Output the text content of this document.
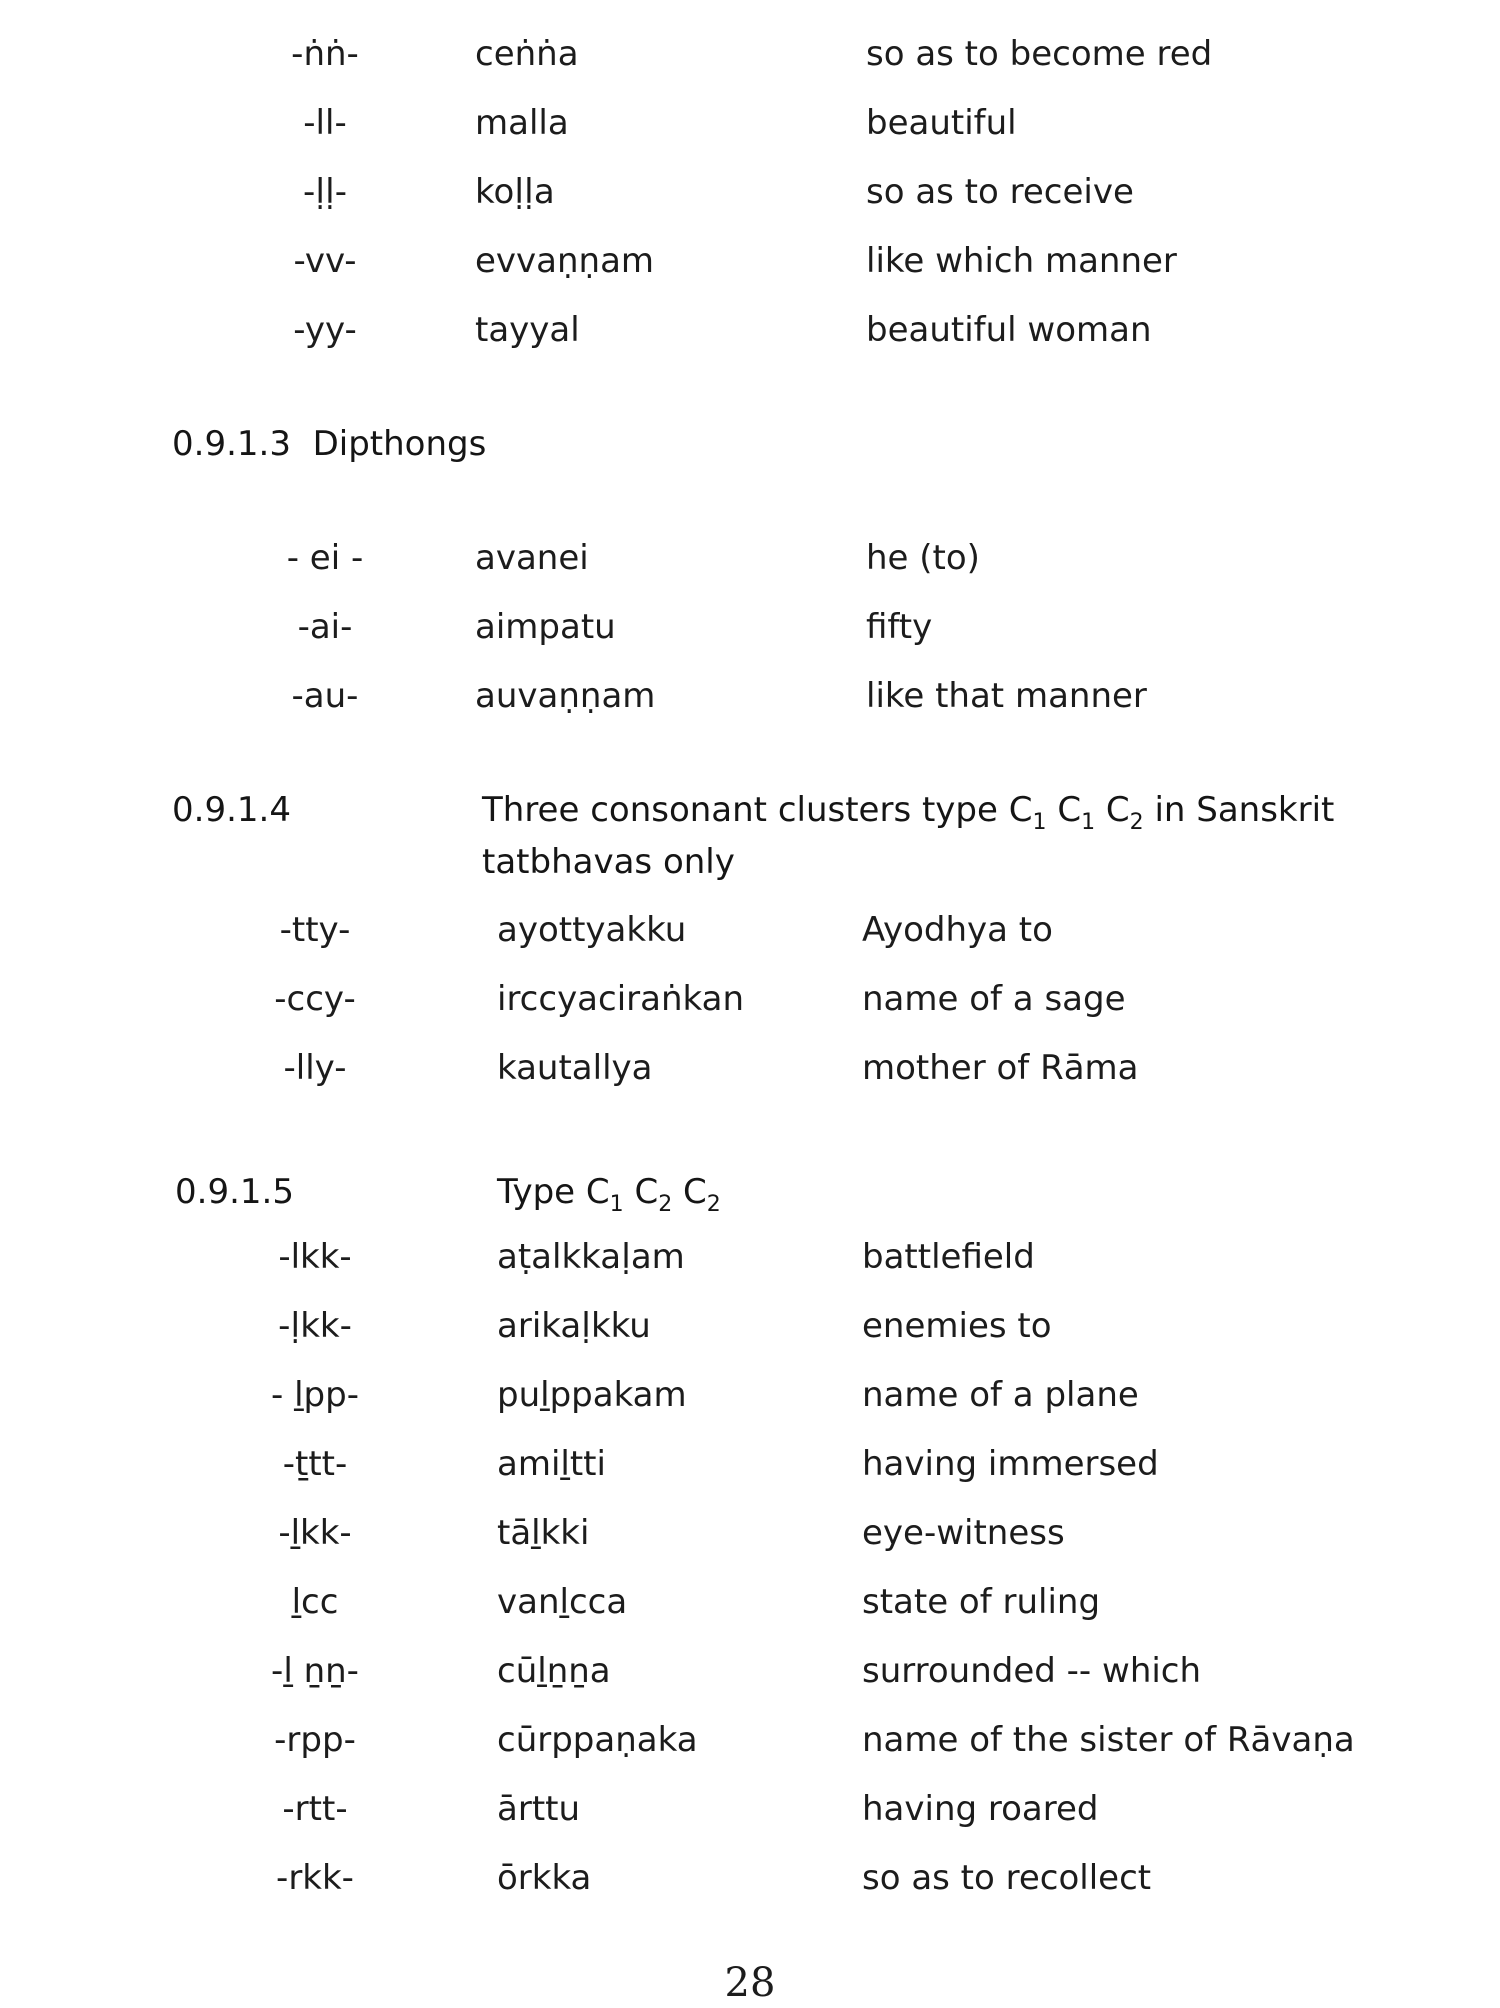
-ṅṅ-	ceṅṅa	so as to become red
-ll-	malla	beautiful
-ḷḷ-	koḷḷa	so as to receive
-vv-	evvaṇṇam	like which manner
-yy-	tayyal	beautiful woman
0.9.1.3 Dipthongs
- ei -	avanei	he (to)
-ai-	aimpatu	fifty
-au-	auvaṇṇam	like that manner
0.9.1.4	Three consonant clusters type $C_1$ $C_1$ $C_2$ in Sanskrit
tatbhavas only
-tty-	ayottyakku	Ayodhya to
-ccy-	irccyaciraṅkan	name of a sage
-lly-	kautallya	mother of Rāma
0.9.1.5	Type $C_1$ $C_2$ $C_2$
-lkk-	aṭalkkaḷam	battlefield
-ḷkk-	arikaḷkku	enemies to
- ḻpp-	puḻppakam	name of a plane
-ṯtt-	amiḻtti	having immersed
-ḻkk-	tāḻkki	eye-witness
ḻcc	vanḻcca	state of ruling
-ḻ ṉṉ-	cūḻṉṉa	surrounded -- which
-rpp-	cūrppaṇaka	name of the sister of Rāvaṇa
-rtt-	ārttu	having roared
-rkk-	ōrkka	so as to recollect
28
